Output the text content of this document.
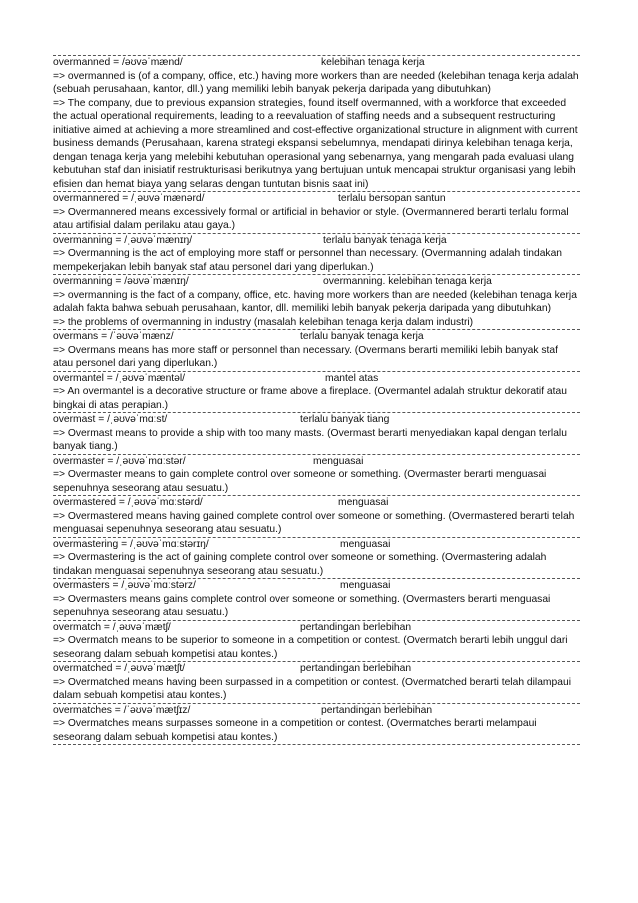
overmanned = /əʊvəˈmænd/	kelebihan tenaga kerja
=> overmanned is (of a company, office, etc.) having more workers than are needed (kelebihan tenaga kerja adalah (sebuah perusahaan, kantor, dll.) yang memiliki lebih banyak pekerja daripada yang dibutuhkan)
=> The company, due to previous expansion strategies, found itself overmanned, with a workforce that exceeded the actual operational requirements, leading to a reevaluation of staffing needs and a subsequent restructuring initiative aimed at achieving a more streamlined and cost-effective organizational structure in alignment with current business demands (Perusahaan, karena strategi ekspansi sebelumnya, mendapati dirinya kelebihan tenaga kerja, dengan tenaga kerja yang melebihi kebutuhan operasional yang sebenarnya, yang mengarah pada evaluasi ulang kebutuhan staf dan inisiatif restrukturisasi berikutnya yang bertujuan untuk mencapai struktur organisasi yang lebih efisien dan hemat biaya yang selaras dengan tuntutan bisnis saat ini)
overmannered = /ˌəʊvəˈmænərd/	terlalu bersopan santun
=> Overmannered means excessively formal or artificial in behavior or style. (Overmannered berarti terlalu formal atau artifisial dalam perilaku atau gaya.)
overmanning = /ˌəʊvəˈmænɪŋ/	terlalu banyak tenaga kerja
=> Overmanning is the act of employing more staff or personnel than necessary. (Overmanning adalah tindakan mempekerjakan lebih banyak staf atau personel dari yang diperlukan.)
overmanning = /əʊvəˈmænɪŋ/	overmanning. kelebihan tenaga kerja
=> overmanning is the fact of a company, office, etc. having more workers than are needed (kelebihan tenaga kerja adalah fakta bahwa sebuah perusahaan, kantor, dll. memiliki lebih banyak pekerja daripada yang dibutuhkan)
=> the problems of overmanning in industry (masalah kelebihan tenaga kerja dalam industri)
overmans = /ˈəʊvəˈmænz/	terlalu banyak tenaga kerja
=> Overmans means has more staff or personnel than necessary. (Overmans berarti memiliki lebih banyak staf atau personel dari yang diperlukan.)
overmantel = /ˌəʊvəˈmæntəl/	mantel atas
=> An overmantel is a decorative structure or frame above a fireplace. (Overmantel adalah struktur dekoratif atau bingkai di atas perapian.)
overmast = /ˌəʊvəˈmɑːst/	terlalu banyak tiang
=> Overmast means to provide a ship with too many masts. (Overmast berarti menyediakan kapal dengan terlalu banyak tiang.)
overmaster = /ˌəʊvəˈmɑːstər/	menguasai
=> Overmaster means to gain complete control over someone or something. (Overmaster berarti menguasai sepenuhnya seseorang atau sesuatu.)
overmastered = /ˌəʊvəˈmɑːstərd/	menguasai
=> Overmastered means having gained complete control over someone or something. (Overmastered berarti telah menguasai sepenuhnya seseorang atau sesuatu.)
overmastering = /ˌəʊvəˈmɑːstərɪŋ/	menguasai
=> Overmastering is the act of gaining complete control over someone or something. (Overmastering adalah tindakan menguasai sepenuhnya seseorang atau sesuatu.)
overmasters = /ˌəʊvəˈmɑːstərz/	menguasai
=> Overmasters means gains complete control over someone or something. (Overmasters berarti menguasai sepenuhnya seseorang atau sesuatu.)
overmatch = /ˌəʊvəˈmætʃ/	pertandingan berlebihan
=> Overmatch means to be superior to someone in a competition or contest. (Overmatch berarti lebih unggul dari seseorang dalam sebuah kompetisi atau kontes.)
overmatched = /ˌəʊvəˈmætʃt/	pertandingan berlebihan
=> Overmatched means having been surpassed in a competition or contest. (Overmatched berarti telah dilampaui dalam sebuah kompetisi atau kontes.)
overmatches = /ˈəʊvəˈmætʃɪz/	pertandingan berlebihan
=> Overmatches means surpasses someone in a competition or contest. (Overmatches berarti melampaui seseorang dalam sebuah kompetisi atau kontes.)
